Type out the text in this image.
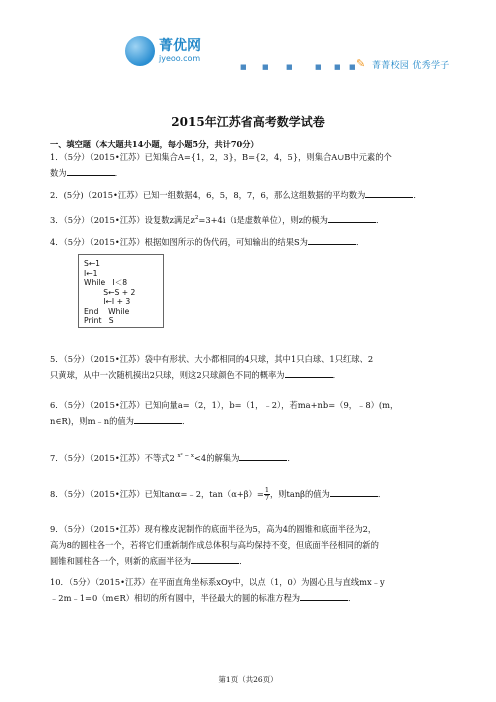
菁优网
jyeoo.com
■ ■ ■	■ ■ ■ ✎ 菁菁校园 优秀学子
2015年江苏省高考数学试卷
一、填空题（本大题共14小题，每小题5分，共计70分）
1．（5分）（2015•江苏）已知集合A={1，2，3}，B={2，4，5}，则集合A∪B中元素的个
数为	．
2．(5分)（2015•江苏）已知一组数据4，6，5，8，7，6，那么这组数据的平均数为	．
3．（5分）（2015•江苏）设复数z满足$z^2=3+4i(i$是虚数单位），则z的模为	．
4．（5分）（2015•江苏）根据如图所示的伪代码，可知输出的结果S为	．
S←1
I←1
While   I＜8
S←S + 2
I←I + 3
End    While
Print   S
5．（5分）（2015•江苏）袋中有形状、大小都相同的4只球，其中1只白球、1只红球、2
只黄球，从中一次随机摸出2只球，则这2只球颜色不同的概率为	．
6．（5分）（2015•江苏）已知向量a=（2，1），b=（1，﹣2），若ma+nb=（9，﹣8）(m，
n∈R)，则m﹣n的值为	．
7．（5分）（2015•江苏）不等式2 $^{x^2 - x}$<4的解集为	．
8．（5分）（2015•江苏）已知tanα=﹣2，$\tan(\alpha+\beta)= \frac{1}{7}$，则tanβ的值为	．
9．（5分）（2015•江苏）现有橡皮泥制作的底面半径为5，高为4的圆锥和底面半径为2，
高为8的圆柱各一个，若将它们重新制作成总体积与高均保持不变，但底面半径相同的新的
圆锥和圆柱各一个，则新的底面半径为	．
10．（5分）（2015•江苏）在平面直角坐标系xOy中，以点（1，0）为圆心且与直线mx﹣y
﹣2m﹣1=0（m∈R）相切的所有圆中，半径最大的圆的标准方程为	．
第1页（共26页）
